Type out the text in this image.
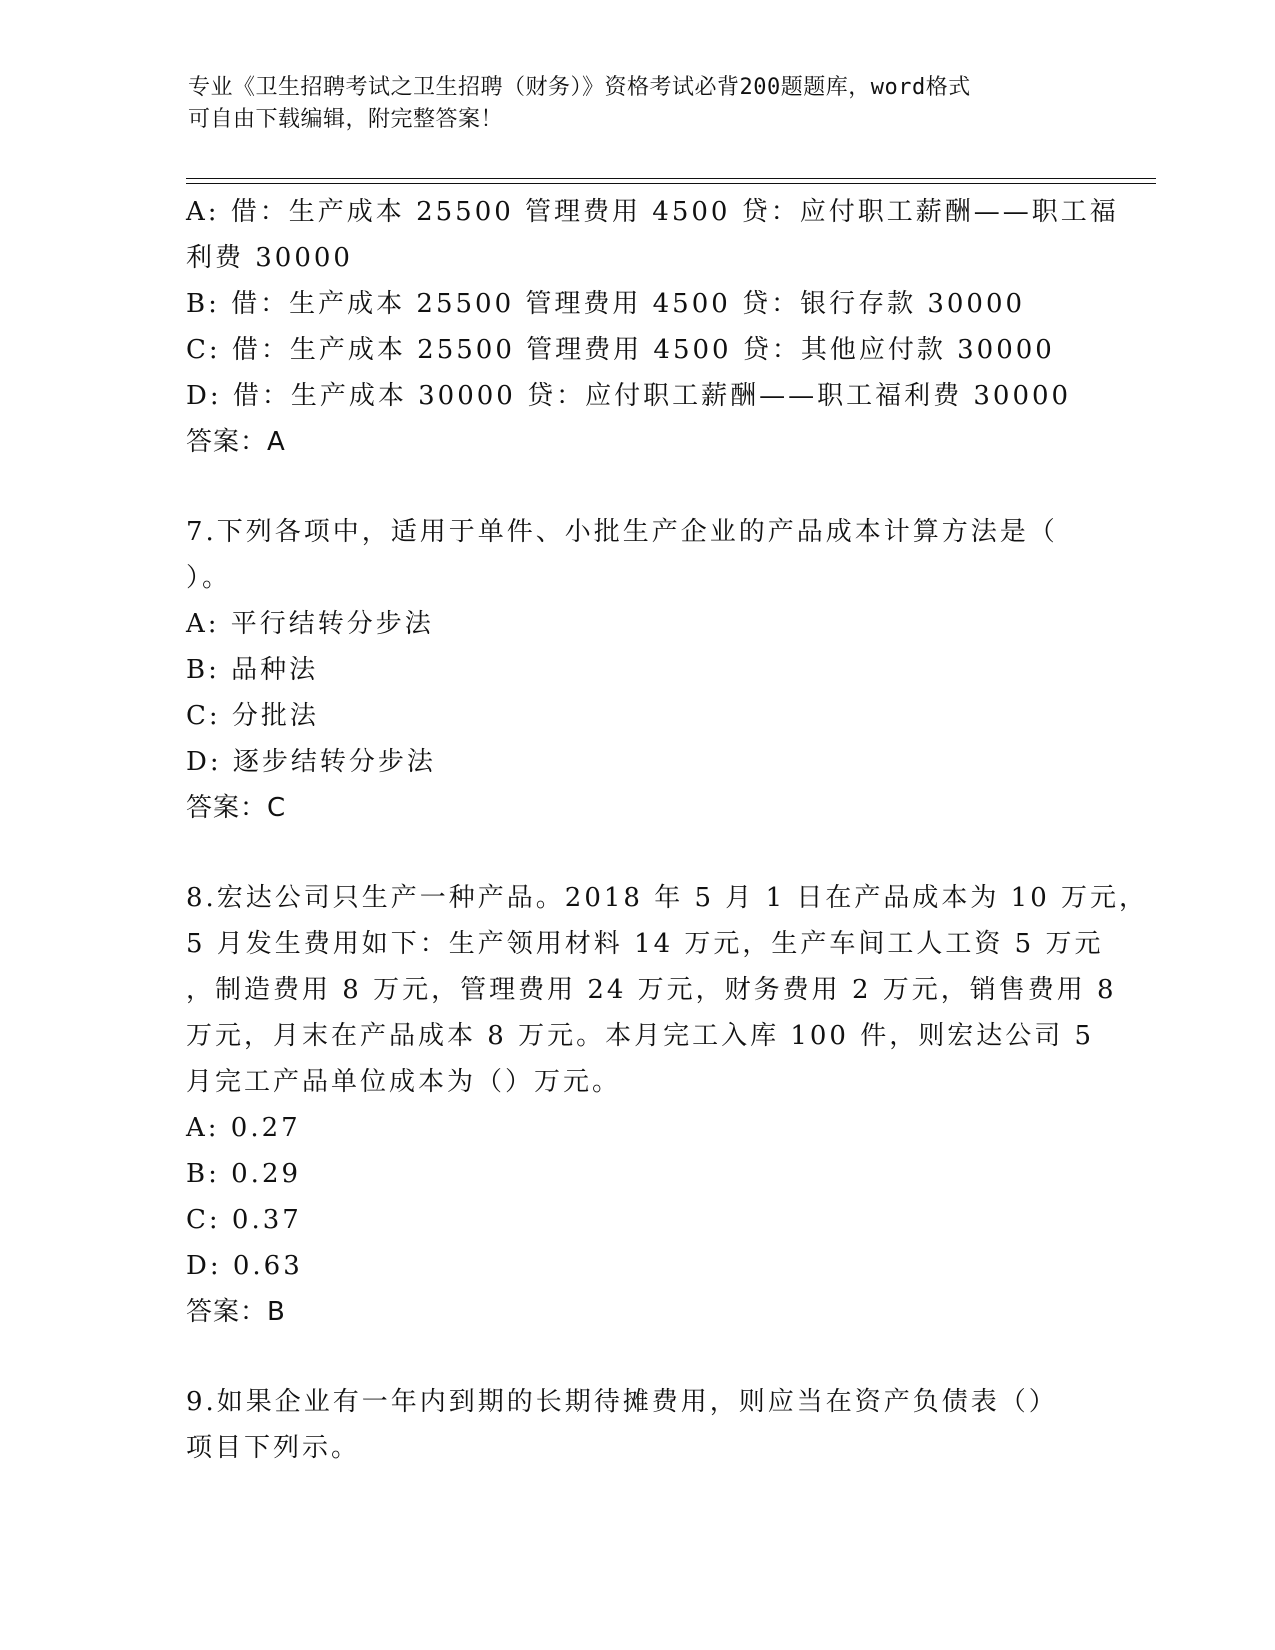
专业《卫生招聘考试之卫生招聘（财务）》资格考试必背200题题库，word格式
可自由下载编辑，附完整答案！
A: 借：生产成本 25500 管理费用 4500 贷：应付职工薪酬——职工福
利费 30000
B: 借：生产成本 25500 管理费用 4500 贷：银行存款 30000
C: 借：生产成本 25500 管理费用 4500 贷：其他应付款 30000
D: 借：生产成本 30000 贷：应付职工薪酬——职工福利费 30000
答案：A
7.下列各项中，适用于单件、小批生产企业的产品成本计算方法是（
）。
A: 平行结转分步法
B: 品种法
C: 分批法
D: 逐步结转分步法
答案：C
8.宏达公司只生产一种产品。2018 年 5 月 1 日在产品成本为 10 万元，
5 月发生费用如下：生产领用材料 14 万元，生产车间工人工资 5 万元
，制造费用 8 万元，管理费用 24 万元，财务费用 2 万元，销售费用 8
万元，月末在产品成本 8 万元。本月完工入库 100 件，则宏达公司 5
月完工产品单位成本为（）万元。
A: 0.27
B: 0.29
C: 0.37
D: 0.63
答案：B
9.如果企业有一年内到期的长期待摊费用，则应当在资产负债表（）
项目下列示。
